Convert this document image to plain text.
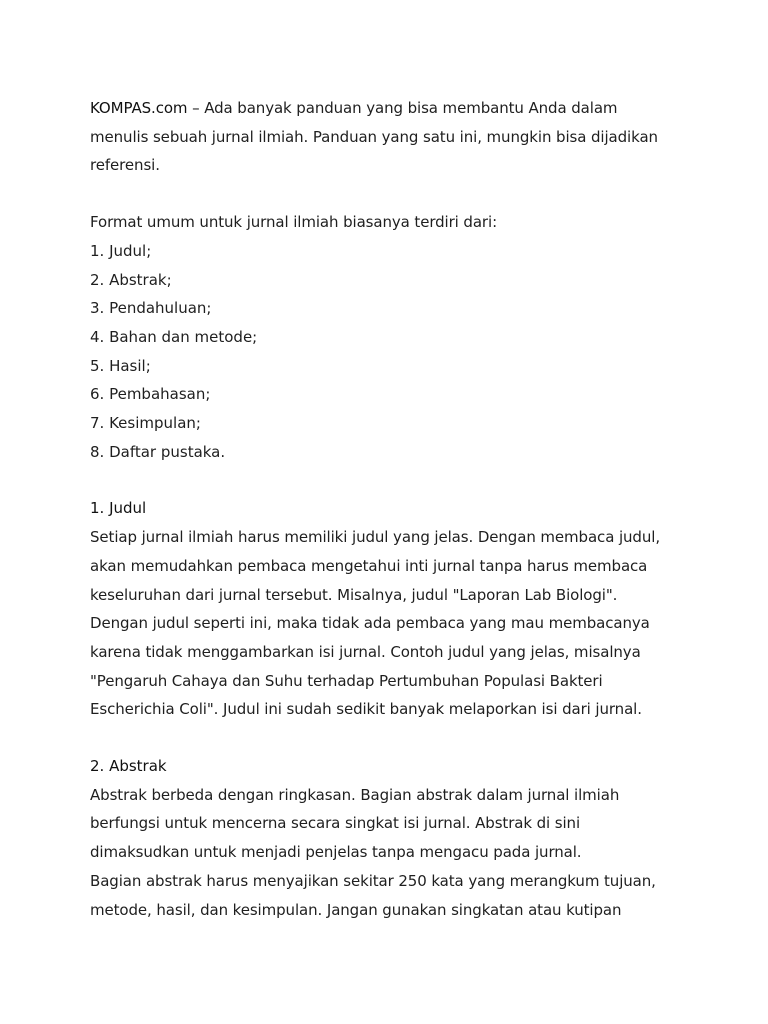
KOMPAS.com – Ada banyak panduan yang bisa membantu Anda dalam
menulis sebuah jurnal ilmiah. Panduan yang satu ini, mungkin bisa dijadikan
referensi.
Format umum untuk jurnal ilmiah biasanya terdiri dari:
1. Judul;
2. Abstrak;
3. Pendahuluan;
4. Bahan dan metode;
5. Hasil;
6. Pembahasan;
7. Kesimpulan;
8. Daftar pustaka.
1. Judul
Setiap jurnal ilmiah harus memiliki judul yang jelas. Dengan membaca judul,
akan memudahkan pembaca mengetahui inti jurnal tanpa harus membaca
keseluruhan dari jurnal tersebut. Misalnya, judul "Laporan Lab Biologi".
Dengan judul seperti ini, maka tidak ada pembaca yang mau membacanya
karena tidak menggambarkan isi jurnal. Contoh judul yang jelas, misalnya
"Pengaruh Cahaya dan Suhu terhadap Pertumbuhan Populasi Bakteri
Escherichia Coli". Judul ini sudah sedikit banyak melaporkan isi dari jurnal.
2. Abstrak
Abstrak berbeda dengan ringkasan. Bagian abstrak dalam jurnal ilmiah
berfungsi untuk mencerna secara singkat isi jurnal. Abstrak di sini
dimaksudkan untuk menjadi penjelas tanpa mengacu pada jurnal.
Bagian abstrak harus menyajikan sekitar 250 kata yang merangkum tujuan,
metode, hasil, dan kesimpulan. Jangan gunakan singkatan atau kutipan
